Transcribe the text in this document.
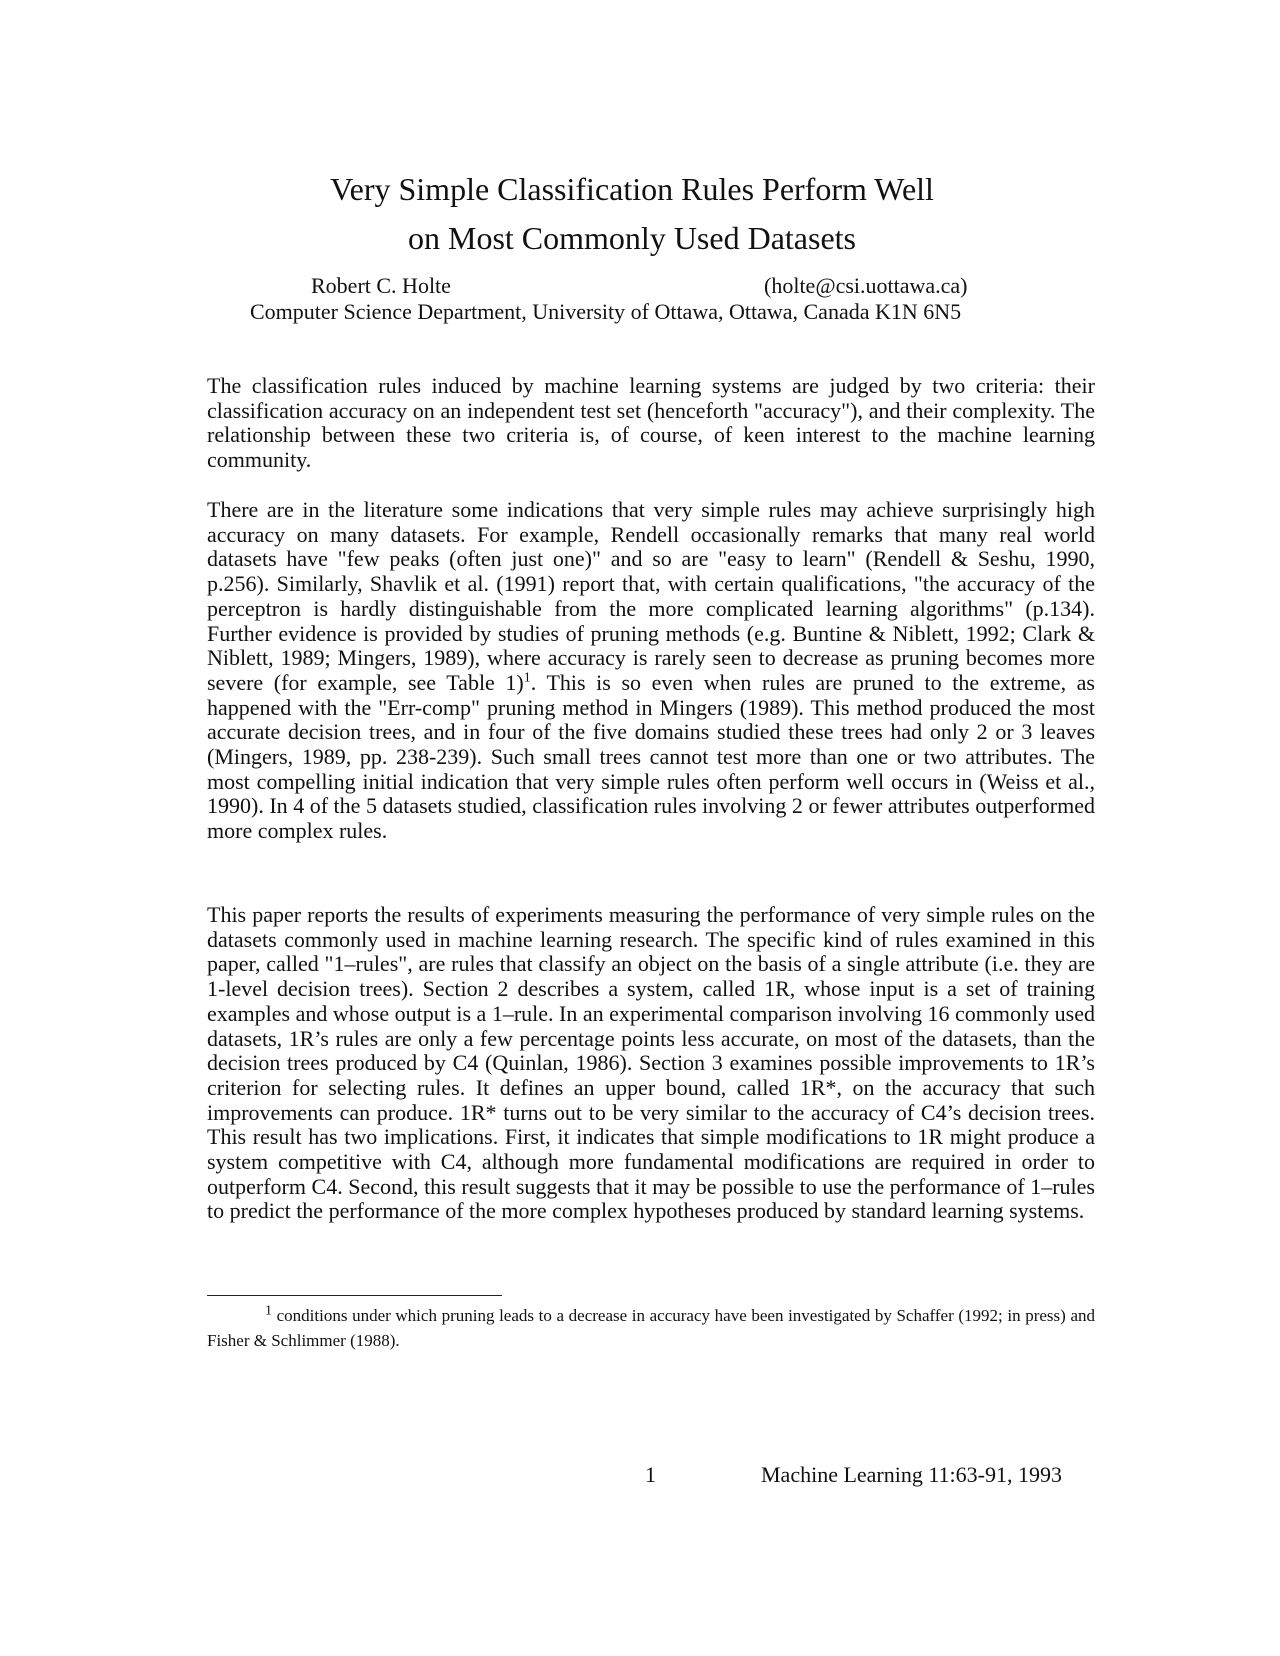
Very Simple Classification Rules Perform Well
on Most Commonly Used Datasets
Robert C. Holte	(holte@csi.uottawa.ca)
Computer Science Department, University of Ottawa, Ottawa, Canada K1N 6N5

The classification rules induced by machine learning systems are judged by two criteria: their classification accuracy on an independent test set (henceforth "accuracy"), and their complexity. The relationship between these two criteria is, of course, of keen interest to the machine learning community.

There are in the literature some indications that very simple rules may achieve surprisingly high accuracy on many datasets. For example, Rendell occasionally remarks that many real world datasets have "few peaks (often just one)" and so are "easy to learn" (Rendell & Seshu, 1990, p.256). Similarly, Shavlik et al. (1991) report that, with certain qualifications, "the accuracy of the perceptron is hardly distinguishable from the more complicated learning algorithms" (p.134). Further evidence is provided by studies of pruning methods (e.g. Buntine & Niblett, 1992; Clark & Niblett, 1989; Mingers, 1989), where accuracy is rarely seen to decrease as pruning becomes more severe (for example, see Table 1)$^1$. This is so even when rules are pruned to the extreme, as happened with the "Err-comp" pruning method in Mingers (1989). This method produced the most accurate decision trees, and in four of the five domains studied these trees had only 2 or 3 leaves (Mingers, 1989, pp. 238-239). Such small trees cannot test more than one or two attributes. The most compelling initial indication that very simple rules often perform well occurs in (Weiss et al., 1990). In 4 of the 5 datasets studied, classification rules involving 2 or fewer attributes outperformed more complex rules.

This paper reports the results of experiments measuring the performance of very simple rules on the datasets commonly used in machine learning research. The specific kind of rules examined in this paper, called "1–rules", are rules that classify an object on the basis of a single attribute (i.e. they are 1-level decision trees). Section 2 describes a system, called 1R, whose input is a set of training examples and whose output is a 1–rule. In an experimental comparison involving 16 commonly used datasets, 1R’s rules are only a few percentage points less accurate, on most of the datasets, than the decision trees produced by C4 (Quinlan, 1986). Section 3 examines possible improvements to 1R’s criterion for selecting rules. It defines an upper bound, called 1R*, on the accuracy that such improvements can produce. 1R* turns out to be very similar to the accuracy of C4’s decision trees. This result has two implications. First, it indicates that simple modifications to 1R might produce a system competitive with C4, although more fundamental modifications are required in order to outperform C4. Second, this result suggests that it may be possible to use the performance of 1–rules to predict the performance of the more complex hypotheses produced by standard learning systems.

$^1$ conditions under which pruning leads to a decrease in accuracy have been investigated by Schaffer (1992; in press) and Fisher & Schlimmer (1988).

1	Machine Learning 11:63-91, 1993
